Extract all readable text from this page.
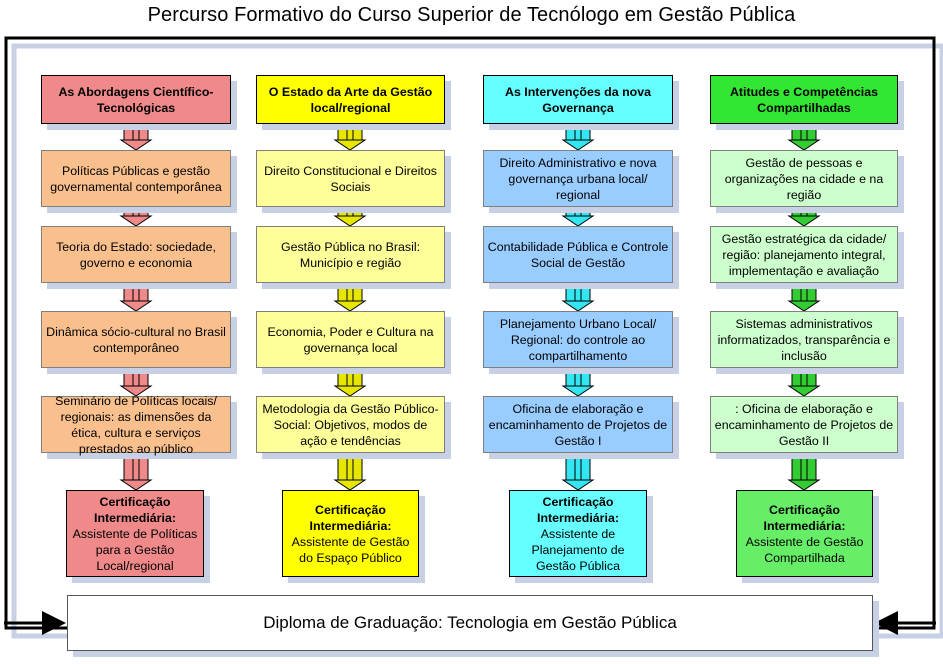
Percurso Formativo do Curso Superior de Tecnólogo em Gestão Pública
As Abordagens Científico-Tecnológicas
Políticas Públicas e gestão governamental contemporânea
Teoria do Estado: sociedade, governo e economia
Dinâmica sócio-cultural no Brasil contemporâneo
Seminário de Políticas locais/ regionais: as dimensões da ética, cultura e serviços prestados ao público
Certificação Intermediária:
Assistente de Políticas para a Gestão Local/regional
O Estado da Arte da Gestão local/regional
Direito Constitucional e Direitos Sociais
Gestão Pública no Brasil: Município e região
Economia, Poder e Cultura na governança local
Metodologia da Gestão Público-Social: Objetivos, modos de ação e tendências
Certificação Intermediária:
Assistente de Gestão do Espaço Público
As Intervenções da nova Governança
Direito Administrativo e nova governança urbana local/ regional
Contabilidade Pública e Controle Social de Gestão
Planejamento Urbano Local/ Regional: do controle ao compartilhamento
Oficina de elaboração e encaminhamento de Projetos de Gestão I
Certificação Intermediária:
Assistente de Planejamento de Gestão Pública
Atitudes e Competências Compartilhadas
Gestão de pessoas e organizações na cidade e na região
Gestão estratégica da cidade/ região: planejamento integral, implementação e avaliação
Sistemas administrativos informatizados, transparência e inclusão
: Oficina de elaboração e encaminhamento de Projetos de Gestão II
Certificação Intermediária:
Assistente de Gestão Compartilhada
Diploma de Graduação: Tecnologia em Gestão Pública
